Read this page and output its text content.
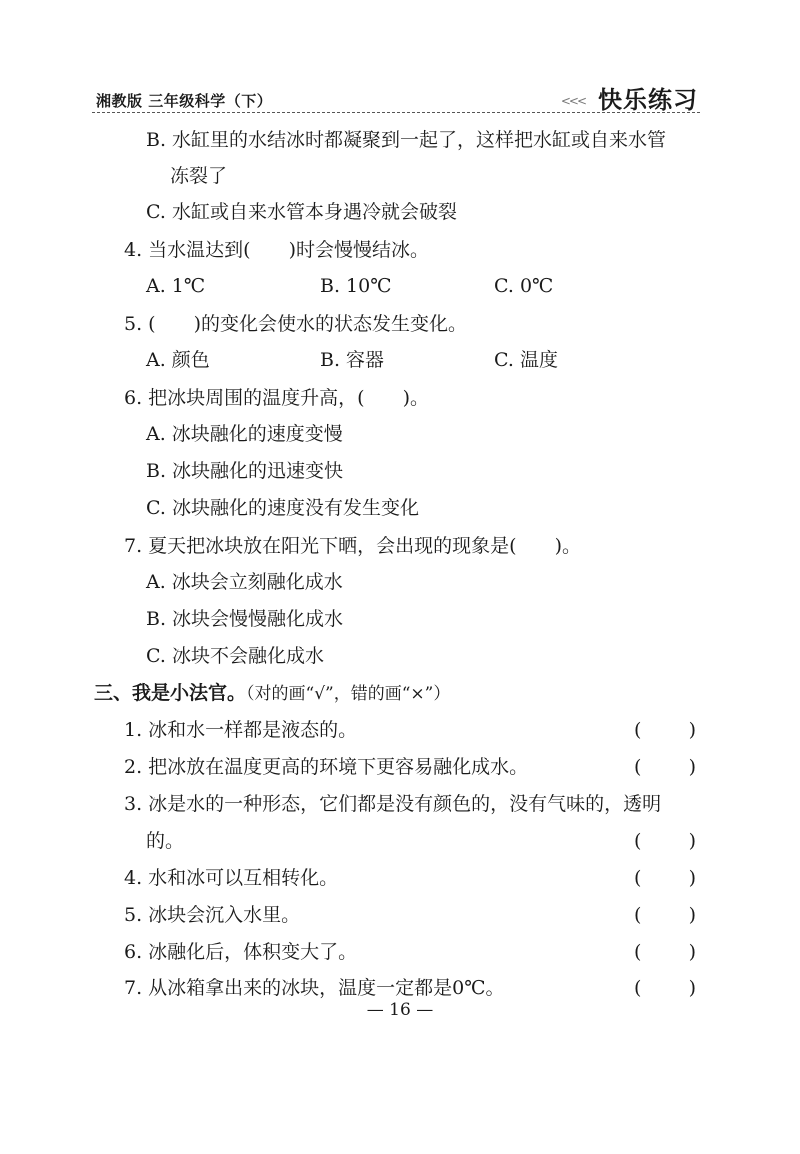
湘教版 三年级科学（下）	<<< 快乐练习
B. 水缸里的水结冰时都凝聚到一起了，这样把水缸或自来水管
冻裂了
C. 水缸或自来水管本身遇冷就会破裂
4. 当水温达到(　　)时会慢慢结冰。
A. 1℃	B. 10℃	C. 0℃
5. (　　)的变化会使水的状态发生变化。
A. 颜色	B. 容器	C. 温度
6. 把冰块周围的温度升高，(　　)。
A. 冰块融化的速度变慢
B. 冰块融化的迅速变快
C. 冰块融化的速度没有发生变化
7. 夏天把冰块放在阳光下晒，会出现的现象是(　　)。
A. 冰块会立刻融化成水
B. 冰块会慢慢融化成水
C. 冰块不会融化成水
三、我是小法官。（对的画“√”，错的画“×”）
1. 冰和水一样都是液态的。	( )
2. 把冰放在温度更高的环境下更容易融化成水。	( )
3. 冰是水的一种形态，它们都是没有颜色的，没有气味的，透明
的。	( )
4. 水和冰可以互相转化。	( )
5. 冰块会沉入水里。	( )
6. 冰融化后，体积变大了。	( )
7. 从冰箱拿出来的冰块，温度一定都是0℃。	( )
— 16 —
